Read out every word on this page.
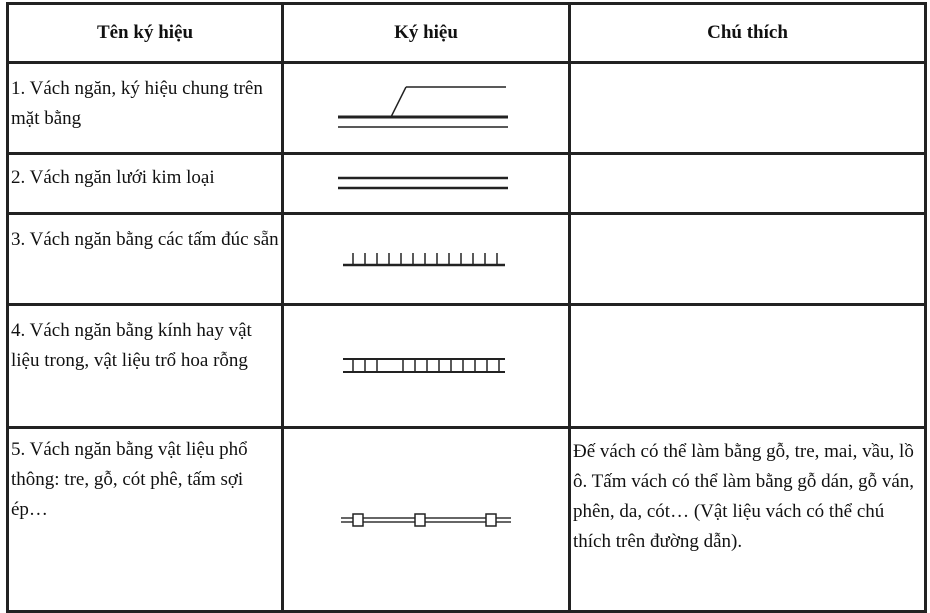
Tên ký hiệu	Ký hiệu	Chú thích
1. Vách ngăn, ký hiệu chung trên mặt bằng	

2. Vách ngăn lưới kim loại	

3. Vách ngăn bằng các tấm đúc sẵn	

4. Vách ngăn bằng kính hay vật liệu trong, vật liệu trổ hoa rỗng	

5. Vách ngăn bằng vật liệu phổ thông: tre, gỗ, cót phê, tấm sợi ép…		Đế vách có thể làm bằng gỗ, tre, mai, vầu, lồ ô. Tấm vách có thể làm bằng gỗ dán, gỗ ván, phên, da, cót… (Vật liệu vách có thể chú thích trên đường dẫn).
